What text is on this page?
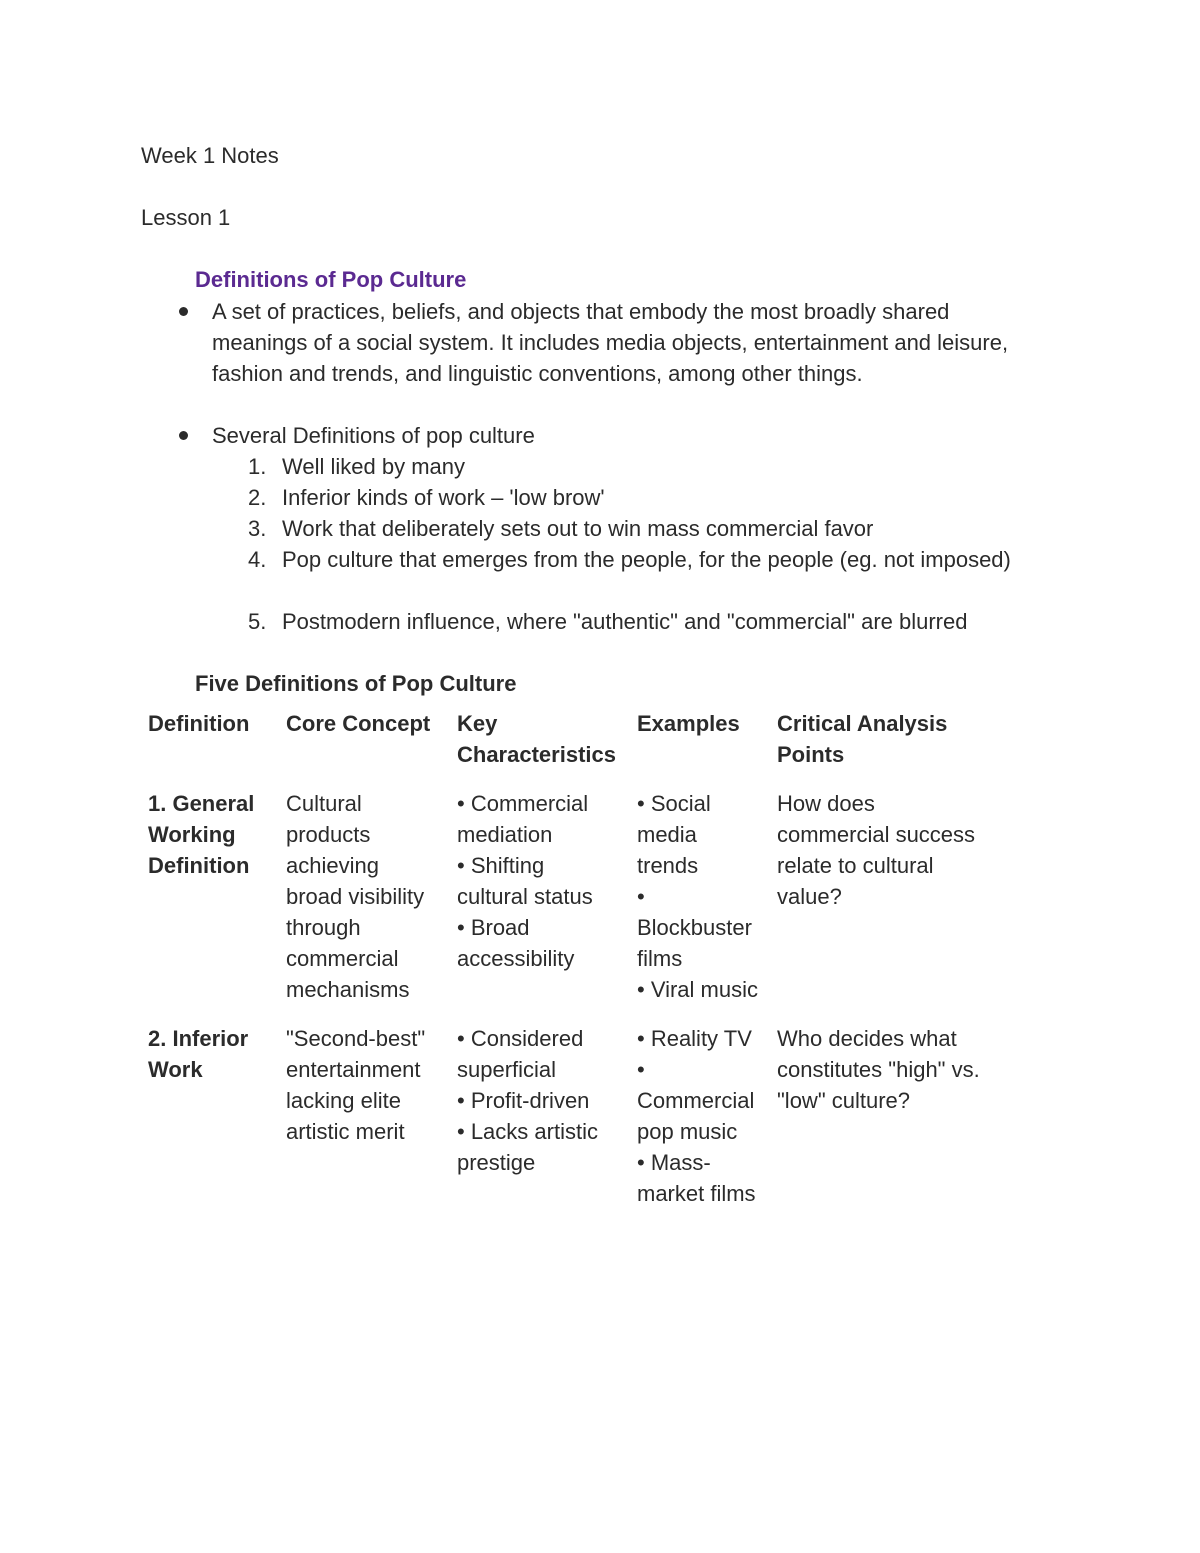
Week 1 Notes
Lesson 1
Definitions of Pop Culture
A set of practices, beliefs, and objects that embody the most broadly shared meanings of a social system. It includes media objects, entertainment and leisure, fashion and trends, and linguistic conventions, among other things.
Several Definitions of pop culture
1. Well liked by many
2. Inferior kinds of work – 'low brow'
3. Work that deliberately sets out to win mass commercial favor
4. Pop culture that emerges from the people, for the people (eg. not imposed)
5. Postmodern influence, where "authentic" and "commercial" are blurred
Five Definitions of Pop Culture
Definition	Core Concept	Key Characteristics	Examples	Critical Analysis Points
1. General Working Definition	Cultural products achieving broad visibility through commercial mechanisms	• Commercial mediation
• Shifting cultural status
• Broad accessibility	• Social media trends
• Blockbuster films
• Viral music	How does commercial success relate to cultural value?
2. Inferior Work	"Second-best" entertainment lacking elite artistic merit	• Considered superficial
• Profit-driven
• Lacks artistic prestige	• Reality TV
• Commercial pop music
• Mass-market films	Who decides what constitutes "high" vs. "low" culture?
